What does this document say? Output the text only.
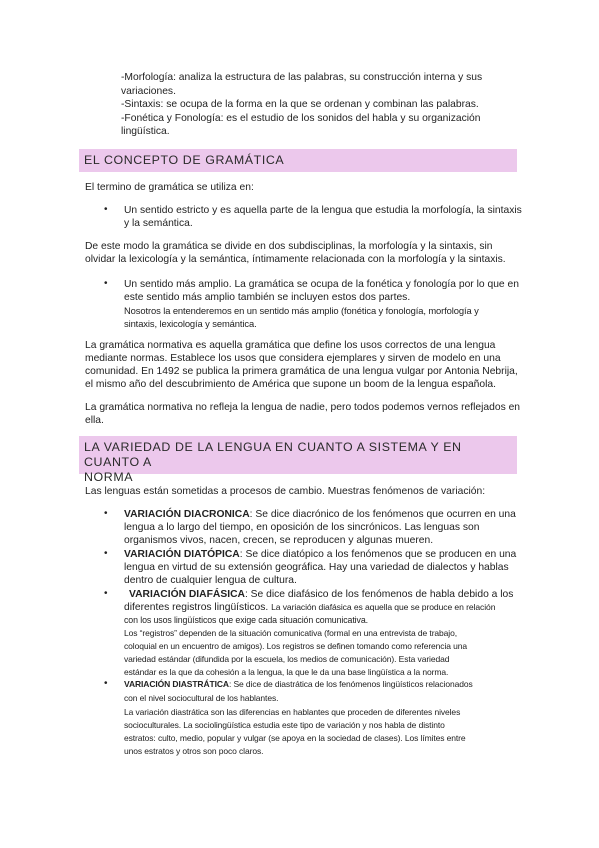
-Morfología: analiza la estructura de las palabras, su construcción interna y sus
variaciones.
-Sintaxis: se ocupa de la forma en la que se ordenan y combinan las palabras.
-Fonética y Fonología: es el estudio de los sonidos del habla y su organización
lingüística.
EL CONCEPTO DE GRAMÁTICA
El termino de gramática se utiliza en:
• Un sentido estricto y es aquella parte de la lengua que estudia la morfología, la sintaxis
y la semántica.
De este modo la gramática se divide en dos subdisciplinas, la morfología y la sintaxis, sin
olvidar la lexicología y la semántica, íntimamente relacionada con la morfología y la sintaxis.
• Un sentido más amplio. La gramática se ocupa de la fonética y fonología por lo que en
este sentido más amplio también se incluyen estos dos partes.
Nosotros la entenderemos en un sentido más amplio (fonética y fonología, morfología y
sintaxis, lexicología y semántica.
La gramática normativa es aquella gramática que define los usos correctos de una lengua
mediante normas. Establece los usos que considera ejemplares y sirven de modelo en una
comunidad. En 1492 se publica la primera gramática de una lengua vulgar por Antonia Nebrija,
el mismo año del descubrimiento de América que supone un boom de la lengua española.
La gramática normativa no refleja la lengua de nadie, pero todos podemos vernos reflejados en
ella.
LA VARIEDAD DE LA LENGUA EN CUANTO A SISTEMA Y EN CUANTO A
NORMA
Las lenguas están sometidas a procesos de cambio. Muestras fenómenos de variación:
• VARIACIÓN DIACRONICA: Se dice diacrónico de los fenómenos que ocurren en una
lengua a lo largo del tiempo, en oposición de los sincrónicos. Las lenguas son
organismos vivos, nacen, crecen, se reproducen y algunas mueren.
• VARIACIÓN DIATÓPICA: Se dice diatópico a los fenómenos que se producen en una
lengua en virtud de su extensión geográfica. Hay una variedad de dialectos y hablas
dentro de cualquier lengua de cultura.
• VARIACIÓN DIAFÁSICA: Se dice diafásico de los fenómenos de habla debido a los
diferentes registros lingüísticos. La variación diafásica es aquella que se produce en relación
con los usos lingüísticos que exige cada situación comunicativa.
Los “registros” dependen de la situación comunicativa (formal en una entrevista de trabajo,
coloquial en un encuentro de amigos). Los registros se definen tomando como referencia una
variedad estándar (difundida por la escuela, los medios de comunicación). Esta variedad
estándar es la que da cohesión a la lengua, la que le da una base lingüística a la norma.
• VARIACIÓN DIASTRÁTICA: Se dice de diastrática de los fenómenos lingüísticos relacionados
con el nivel sociocultural de los hablantes.
La variación diastrática son las diferencias en hablantes que proceden de diferentes niveles
socioculturales. La sociolingüística estudia este tipo de variación y nos habla de distinto
estratos: culto, medio, popular y vulgar (se apoya en la sociedad de clases). Los límites entre
unos estratos y otros son poco claros.
